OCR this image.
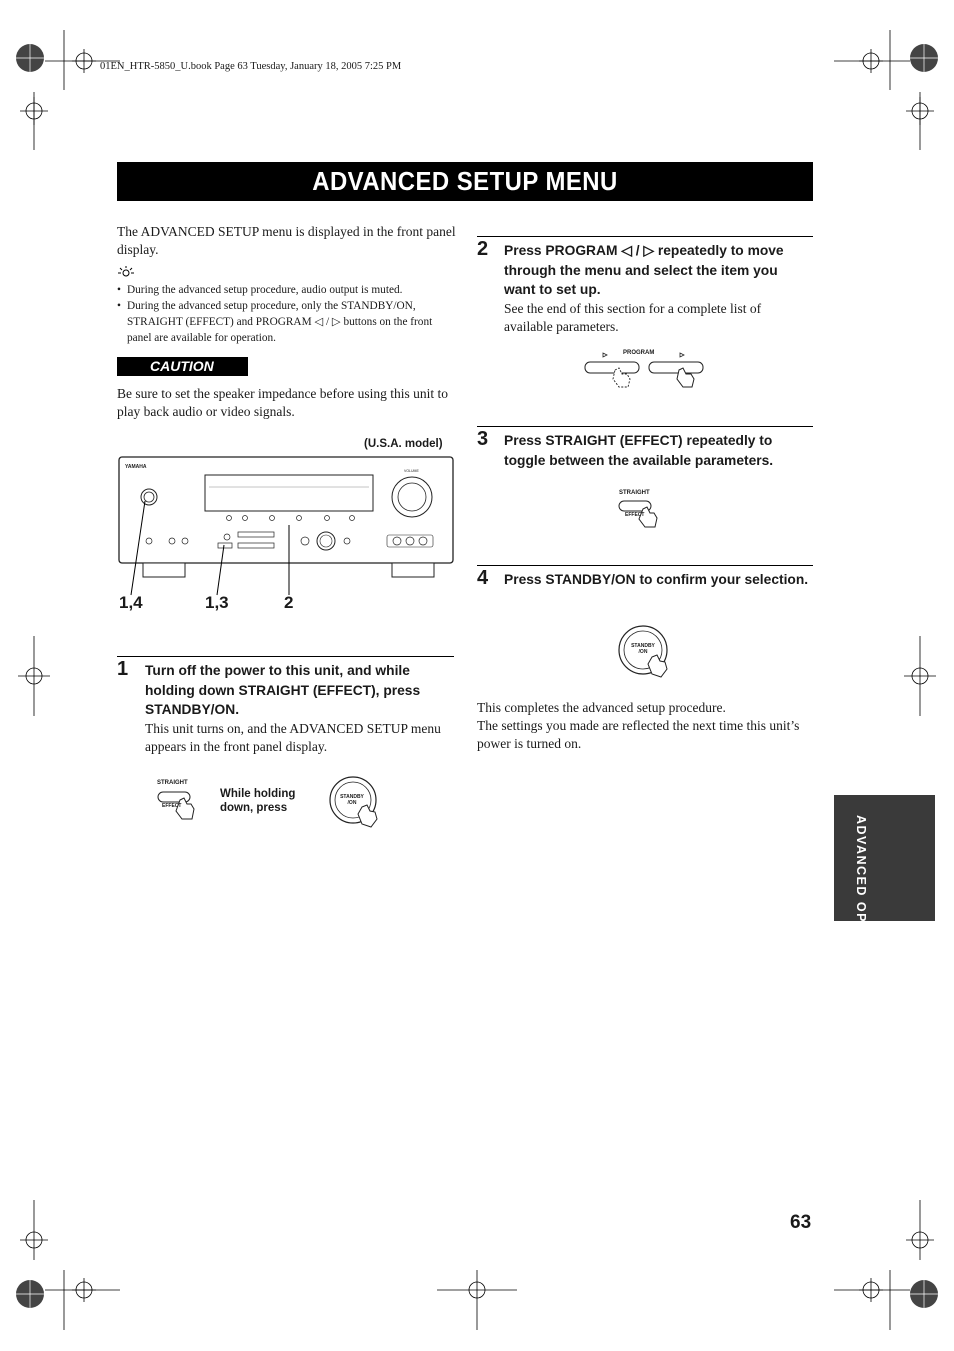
01EN_HTR-5850_U.book Page 63 Tuesday, January 18, 2005 7:25 PM
ADVANCED SETUP MENU
The ADVANCED SETUP menu is displayed in the front panel display.
• During the advanced setup procedure, audio output is muted.
• During the advanced setup procedure, only the STANDBY/ON, STRAIGHT (EFFECT) and PROGRAM ◁ / ▷ buttons on the front panel are available for operation.
CAUTION
Be sure to set the speaker impedance before using this unit to play back audio or video signals.
(U.S.A. model)
YAMAHA
VOLUME
1,4	1,3	2
1 Turn off the power to this unit, and while holding down STRAIGHT (EFFECT), press STANDBY/ON.
This unit turns on, and the ADVANCED SETUP menu appears in the front panel display.
STRAIGHT
EFFECT
While holding down, press
STANDBY
/ON
2 Press PROGRAM ◁ / ▷ repeatedly to move through the menu and select the item you want to set up.
See the end of this section for a complete list of available parameters.
PROGRAM
3 Press STRAIGHT (EFFECT) repeatedly to toggle between the available parameters.
STRAIGHT
EFFECT
4 Press STANDBY/ON to confirm your selection.
STANDBY
/ON
This completes the advanced setup procedure.
The settings you made are reflected the next time this unit’s power is turned on.
ADVANCED OPERATION
63
